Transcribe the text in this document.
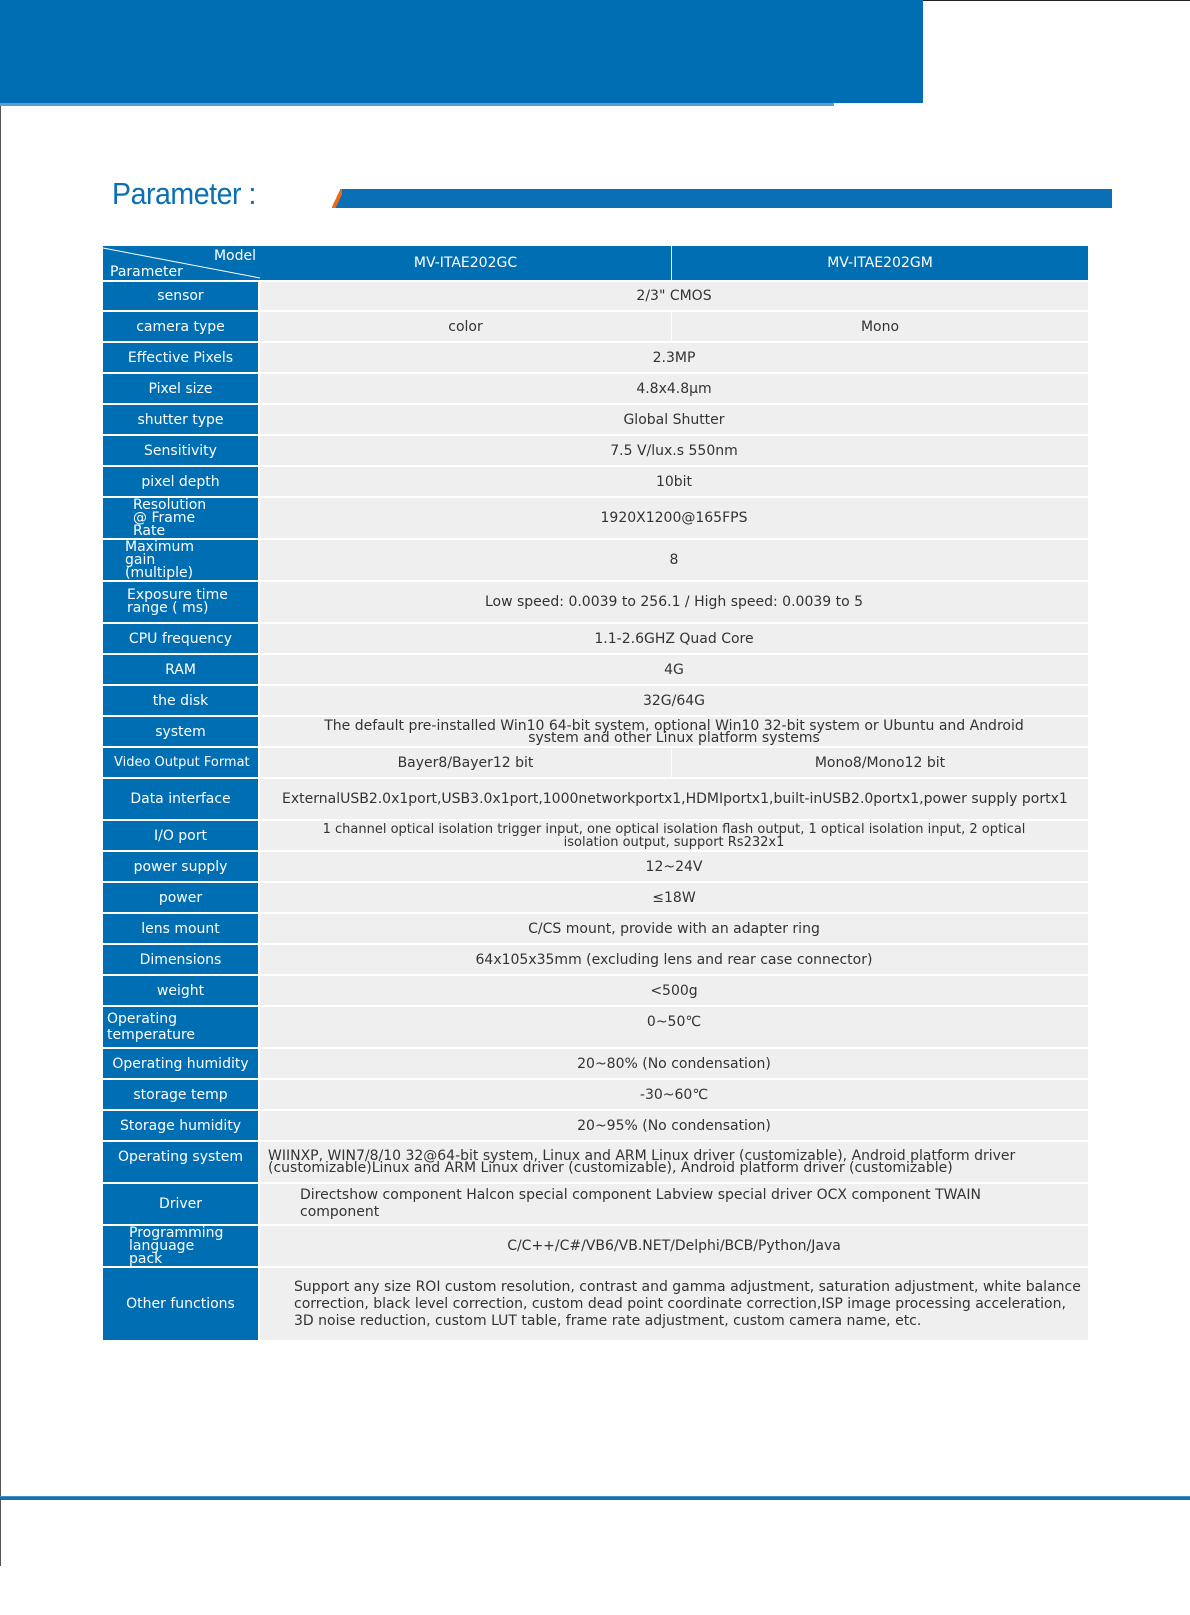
Parameter :
Model
Parameter	MV-ITAE202GC	MV-ITAE202GM
sensor	2/3" CMOS	
camera type	color	Mono
Effective Pixels	2.3MP	
Pixel size	4.8x4.8μm	
shutter type	Global Shutter	
Sensitivity	7.5 V/lux.s 550nm	
pixel depth	10bit	
Resolution @ Frame Rate	1920X1200@165FPS	
Maximum gain (multiple)	8	
Exposure time range ( ms)	Low speed: 0.0039 to 256.1 / High speed: 0.0039 to 5	
CPU frequency	1.1-2.6GHZ Quad Core	
RAM	4G	
the disk	32G/64G	
system	The default pre-installed Win10 64-bit system, optional Win10 32-bit system or Ubuntu and Android system and other Linux platform systems	
Video Output Format	Bayer8/Bayer12 bit	Mono8/Mono12 bit
Data interface	ExternalUSB2.0x1port,USB3.0x1port,1000networkportx1,HDMIportx1,built-inUSB2.0portx1,power supply portx1	
I/O port	1 channel optical isolation trigger input, one optical isolation flash output, 1 optical isolation input, 2 optical isolation output, support Rs232x1	
power supply	12~24V	
power	≤18W	
lens mount	C/CS mount, provide with an adapter ring	
Dimensions	64x105x35mm (excluding lens and rear case connector)	
weight	<500g	
Operating temperature	0~50℃	
Operating humidity	20~80% (No condensation)	
storage temp	-30~60℃	
Storage humidity	20~95% (No condensation)	
Operating system	WIINXP, WIN7/8/10 32@64-bit system, Linux and ARM Linux driver (customizable), Android platform driver (customizable)Linux and ARM Linux driver (customizable), Android platform driver (customizable)	
Driver	Directshow component Halcon special component Labview special driver OCX component TWAIN component	
Programming language pack	C/C++/C#/VB6/VB.NET/Delphi/BCB/Python/Java	
Other functions	Support any size ROI custom resolution, contrast and gamma adjustment, saturation adjustment, white balance correction, black level correction, custom dead point coordinate correction,ISP image processing acceleration, 3D noise reduction, custom LUT table, frame rate adjustment, custom camera name, etc.	
